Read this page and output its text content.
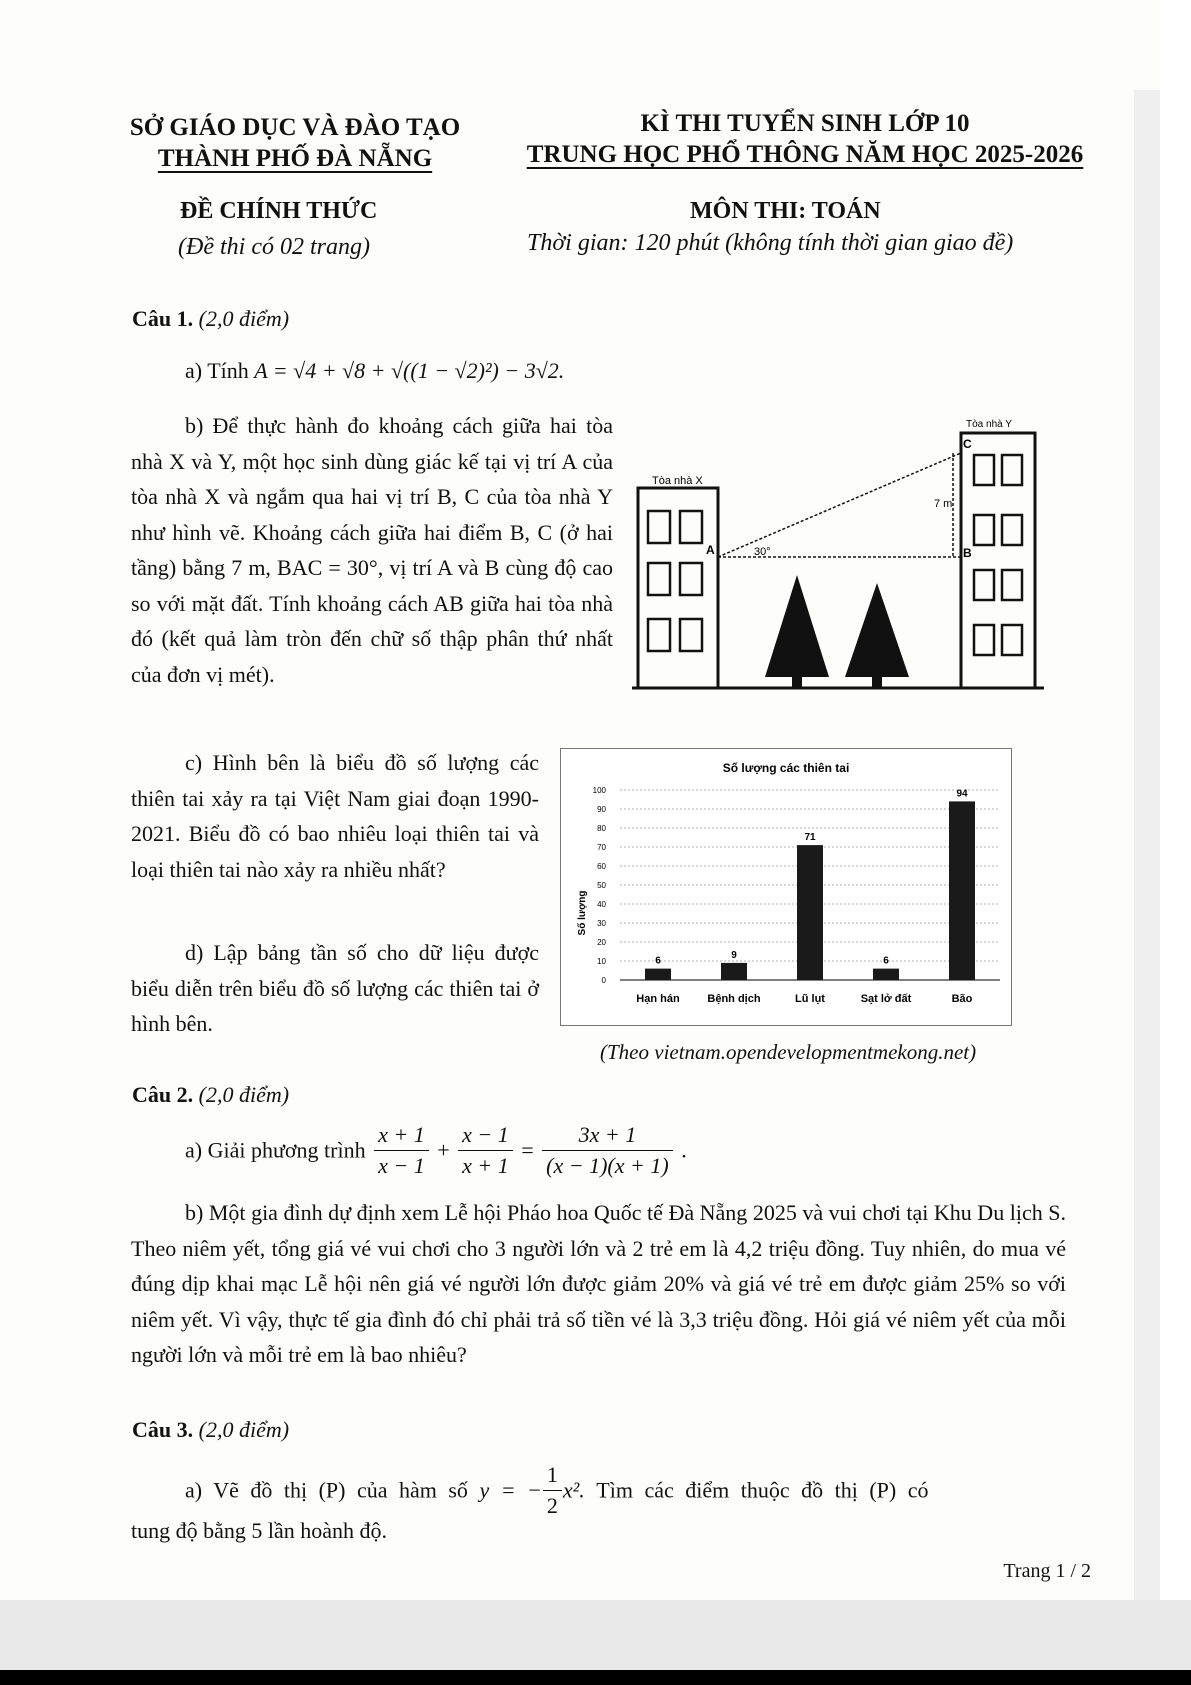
SỞ GIÁO DỤC VÀ ĐÀO TẠO
THÀNH PHỐ ĐÀ NẴNG
KÌ THI TUYỂN SINH LỚP 10
TRUNG HỌC PHỔ THÔNG NĂM HỌC 2025-2026
ĐỀ CHÍNH THỨC
(Đề thi có 02 trang)
MÔN THI: TOÁN
Thời gian: 120 phút (không tính thời gian giao đề)
Câu 1. (2,0 điểm)
a) Tính A = √4 + √8 + √((1 − √2)²) − 3√2.
b) Để thực hành đo khoảng cách giữa hai tòa nhà X và Y, một học sinh dùng giác kế tại vị trí A của tòa nhà X và ngắm qua hai vị trí B, C của tòa nhà Y như hình vẽ. Khoảng cách giữa hai điểm B, C (ở hai tầng) bằng 7 m, BAC = 30°, vị trí A và B cùng độ cao so với mặt đất. Tính khoảng cách AB giữa hai tòa nhà đó (kết quả làm tròn đến chữ số thập phân thứ nhất của đơn vị mét).
Tòa nhà X
Tòa nhà Y
A	B
C
30°
7 m
c) Hình bên là biểu đồ số lượng các thiên tai xảy ra tại Việt Nam giai đoạn 1990-2021. Biểu đồ có bao nhiêu loại thiên tai và loại thiên tai nào xảy ra nhiều nhất?
d) Lập bảng tần số cho dữ liệu được biểu diễn trên biểu đồ số lượng các thiên tai ở hình bên.
Số lượng các thiên tai
Số lượng
0
10
20
30
40
50
60
70
80
90
100
6
Hạn hán
9
Bệnh dịch
71
Lũ lụt
6
Sạt lở đất
94
Bão
(Theo vietnam.opendevelopmentmekong.net)
Câu 2. (2,0 điểm)
a) Giải phương trình $\frac{x + 1}{x - 1} + \frac{x - 1}{x + 1} = \frac{3x + 1}{(x - 1)(x + 1)}$ .
b) Một gia đình dự định xem Lễ hội Pháo hoa Quốc tế Đà Nẵng 2025 và vui chơi tại Khu Du lịch S. Theo niêm yết, tổng giá vé vui chơi cho 3 người lớn và 2 trẻ em là 4,2 triệu đồng. Tuy nhiên, do mua vé đúng dịp khai mạc Lễ hội nên giá vé người lớn được giảm 20% và giá vé trẻ em được giảm 25% so với niêm yết. Vì vậy, thực tế gia đình đó chỉ phải trả số tiền vé là 3,3 triệu đồng. Hỏi giá vé niêm yết của mỗi người lớn và mỗi trẻ em là bao nhiêu?
Câu 3. (2,0 điểm)
a) Vẽ đồ thị (P) của hàm số y = − $\frac{1}{2} x^2$. Tìm các điểm thuộc đồ thị (P) có
tung độ bằng 5 lần hoành độ.
Trang 1 / 2
